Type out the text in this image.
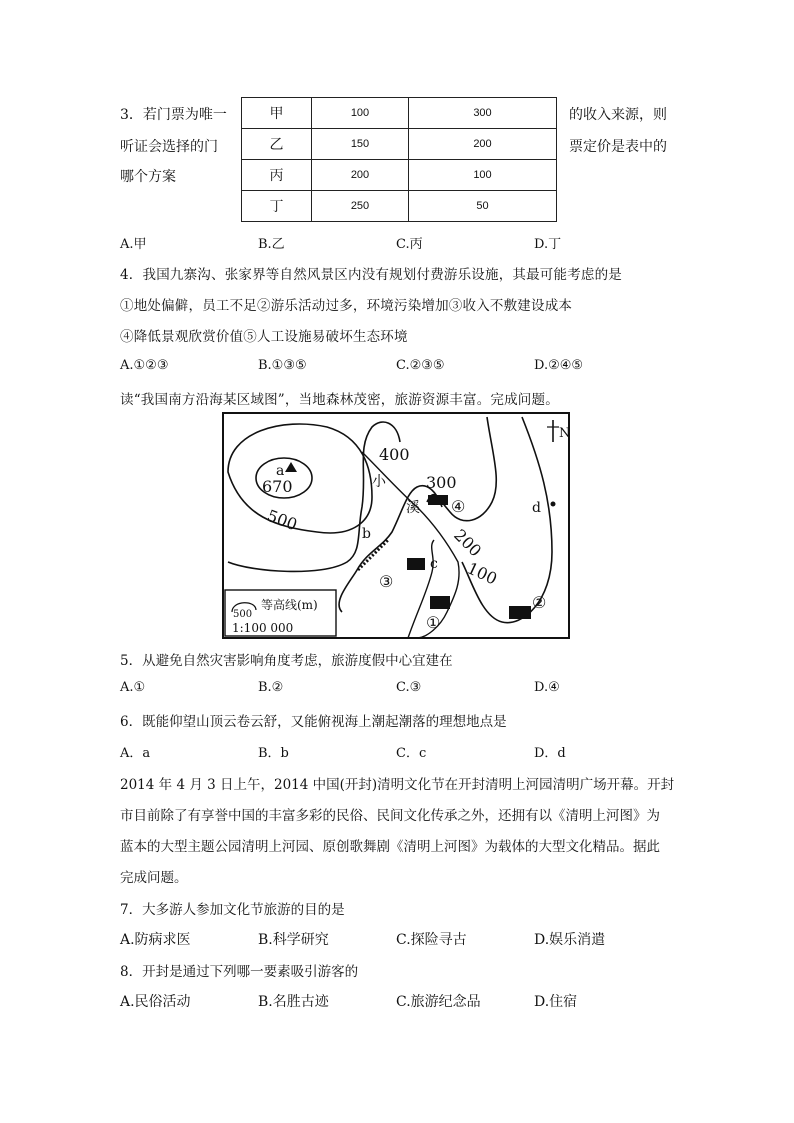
3．若门票为唯一
听证会选择的门
哪个方案
的收入来源，则
票定价是表中的
甲	100	300
乙	150	200
丙	200	100
丁	250	50
A.甲	B.乙	C.丙	D.丁
4．我国九寨沟、张家界等自然风景区内没有规划付费游乐设施，其最可能考虑的是
①地处偏僻，员工不足②游乐活动过多，环境污染增加③收入不敷建设成本
④降低景观欣赏价值⑤人工设施易破坏生态环境
A.①②③	B.①③⑤	C.②③⑤	D.②④⑤
读“我国南方沿海某区域图”，当地森林茂密，旅游资源丰富。完成问题。
400
300
200
100
500
670
a
b
c
d
①
②
③
④
小
溪
N
500
等高线(m)
1:100 000
5．从避免自然灾害影响角度考虑，旅游度假中心宜建在
A.①	B.②	C.③	D.④
6．既能仰望山顶云卷云舒，又能俯视海上潮起潮落的理想地点是
A．a	B．b	C．c	D．d
2014 年 4 月 3 日上午，2014 中国(开封)清明文化节在开封清明上河园清明广场开幕。开封
市目前除了有享誉中国的丰富多彩的民俗、民间文化传承之外，还拥有以《清明上河图》为
蓝本的大型主题公园清明上河园、原创歌舞剧《清明上河图》为载体的大型文化精品。据此
完成问题。
7．大多游人参加文化节旅游的目的是
A.防病求医	B.科学研究	C.探险寻古	D.娱乐消遣
8．开封是通过下列哪一要素吸引游客的
A.民俗活动	B.名胜古迹	C.旅游纪念品	D.住宿
